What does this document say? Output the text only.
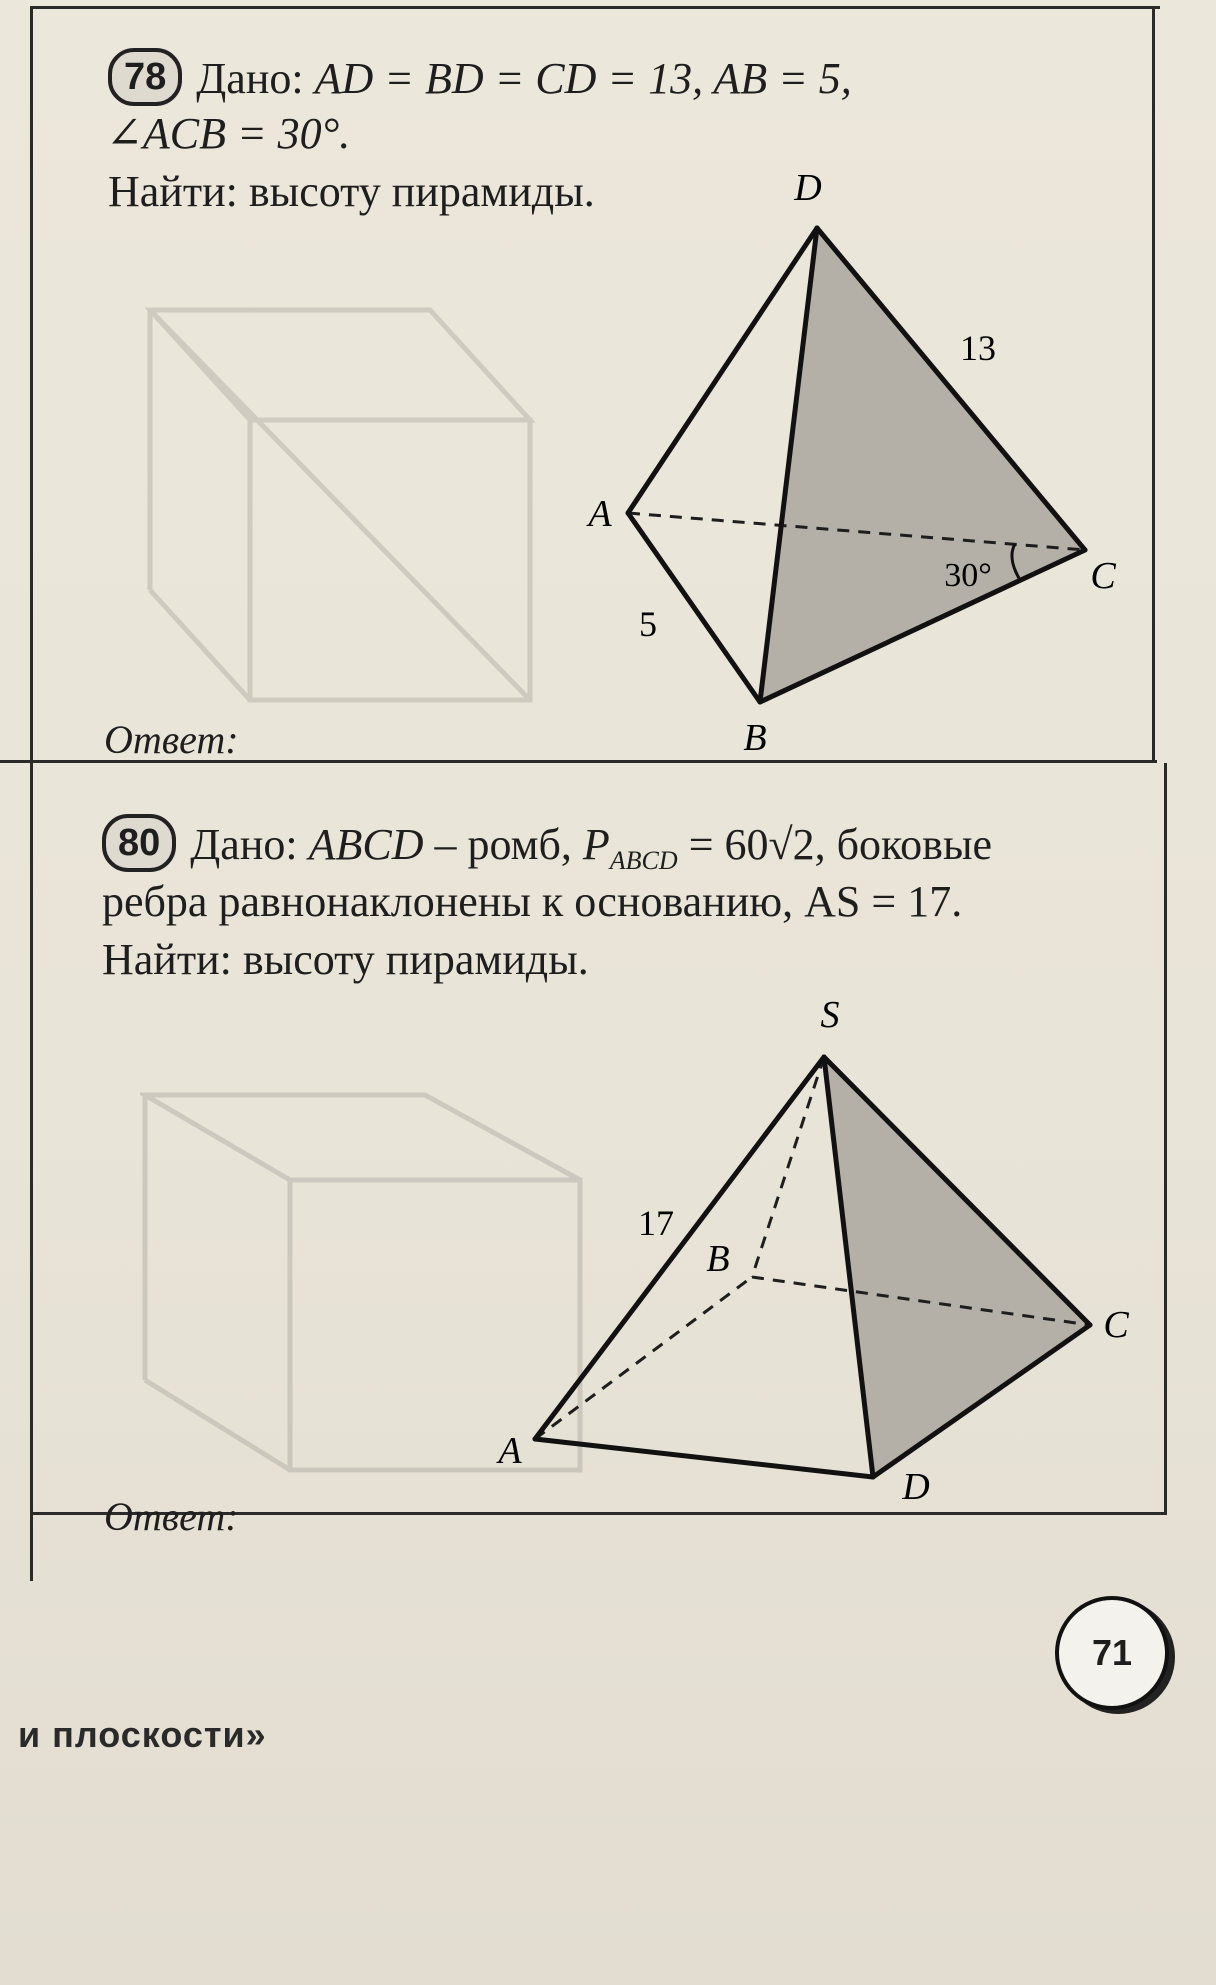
78 Дано: AD = BD = CD = 13, AB = 5,
∠ACB = 30°.
Найти: высоту пирамиды.
Ответ:
D
A
B
C
13
5
30°
80 Дано: ABCD – ромб, $P_{ABCD} = 60√2$, боковые
ребра равнонаклонены к основанию, AS = 17.
Найти: высоту пирамиды.
Ответ:
S
A
B
C
D
17
71
и плоскости»
